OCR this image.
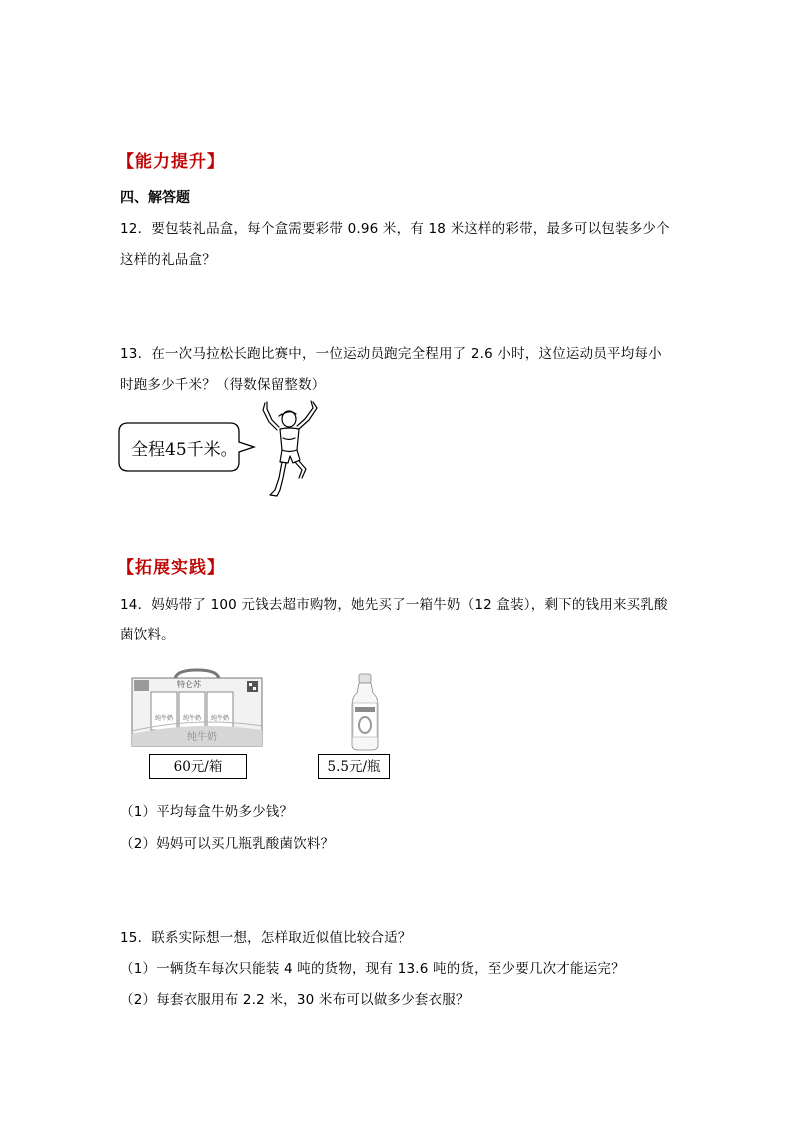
【能力提升】
四、解答题
12．要包装礼品盒，每个盒需要彩带 0.96 米，有 18 米这样的彩带，最多可以包装多少个
这样的礼品盒？
13．在一次马拉松长跑比赛中，一位运动员跑完全程用了 2.6 小时，这位运动员平均每小
时跑多少千米？（得数保留整数）
全程45千米。
【拓展实践】
14．妈妈带了 100 元钱去超市购物，她先买了一箱牛奶（12 盒装），剩下的钱用来买乳酸
菌饮料。
特仑苏
纯牛奶 纯牛奶 纯牛奶
纯牛奶
60元/箱	5.5元/瓶
（1）平均每盒牛奶多少钱？
（2）妈妈可以买几瓶乳酸菌饮料？
15．联系实际想一想，怎样取近似值比较合适？
（1）一辆货车每次只能装 4 吨的货物，现有 13.6 吨的货，至少要几次才能运完？
（2）每套衣服用布 2.2 米，30 米布可以做多少套衣服？
